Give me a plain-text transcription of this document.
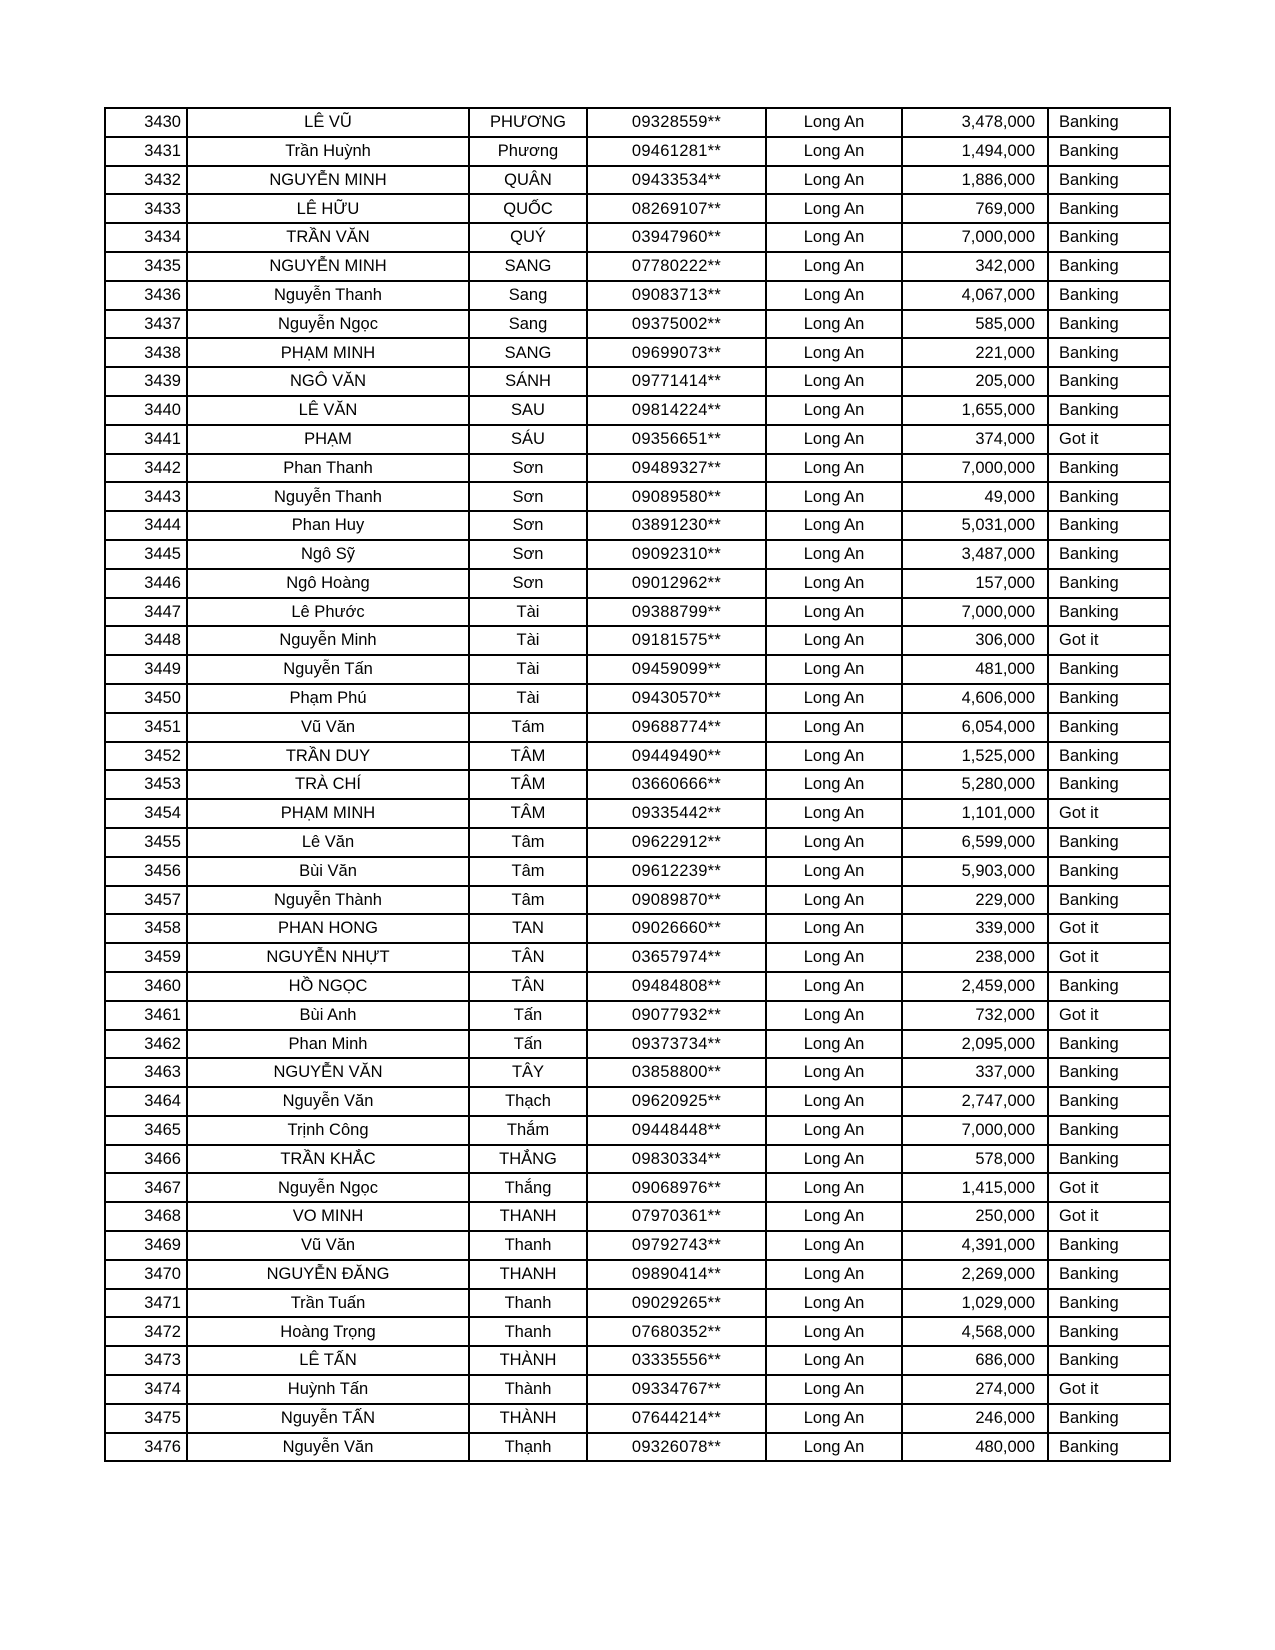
3430	LÊ VŨ	PHƯƠNG	09328559**	Long An	3,478,000	Banking
3431	Trần Huỳnh	Phương	09461281**	Long An	1,494,000	Banking
3432	NGUYỄN MINH	QUÂN	09433534**	Long An	1,886,000	Banking
3433	LÊ HỮU	QUỐC	08269107**	Long An	769,000	Banking
3434	TRẦN VĂN	QUÝ	03947960**	Long An	7,000,000	Banking
3435	NGUYỄN MINH	SANG	07780222**	Long An	342,000	Banking
3436	Nguyễn Thanh	Sang	09083713**	Long An	4,067,000	Banking
3437	Nguyễn Ngọc	Sang	09375002**	Long An	585,000	Banking
3438	PHẠM MINH	SANG	09699073**	Long An	221,000	Banking
3439	NGÔ VĂN	SÁNH	09771414**	Long An	205,000	Banking
3440	LÊ VĂN	SAU	09814224**	Long An	1,655,000	Banking
3441	PHẠM	SÁU	09356651**	Long An	374,000	Got it
3442	Phan Thanh	Sơn	09489327**	Long An	7,000,000	Banking
3443	Nguyễn Thanh	Sơn	09089580**	Long An	49,000	Banking
3444	Phan Huy	Sơn	03891230**	Long An	5,031,000	Banking
3445	Ngô Sỹ	Sơn	09092310**	Long An	3,487,000	Banking
3446	Ngô Hoàng	Sơn	09012962**	Long An	157,000	Banking
3447	Lê Phước	Tài	09388799**	Long An	7,000,000	Banking
3448	Nguyễn Minh	Tài	09181575**	Long An	306,000	Got it
3449	Nguyễn Tấn	Tài	09459099**	Long An	481,000	Banking
3450	Phạm Phú	Tài	09430570**	Long An	4,606,000	Banking
3451	Vũ Văn	Tám	09688774**	Long An	6,054,000	Banking
3452	TRẦN DUY	TÂM	09449490**	Long An	1,525,000	Banking
3453	TRÀ CHÍ	TÂM	03660666**	Long An	5,280,000	Banking
3454	PHẠM MINH	TÂM	09335442**	Long An	1,101,000	Got it
3455	Lê Văn	Tâm	09622912**	Long An	6,599,000	Banking
3456	Bùi Văn	Tâm	09612239**	Long An	5,903,000	Banking
3457	Nguyễn Thành	Tâm	09089870**	Long An	229,000	Banking
3458	PHAN HONG	TAN	09026660**	Long An	339,000	Got it
3459	NGUYỄN NHỰT	TÂN	03657974**	Long An	238,000	Got it
3460	HỒ NGỌC	TÂN	09484808**	Long An	2,459,000	Banking
3461	Bùi Anh	Tấn	09077932**	Long An	732,000	Got it
3462	Phan Minh	Tấn	09373734**	Long An	2,095,000	Banking
3463	NGUYỄN VĂN	TÂY	03858800**	Long An	337,000	Banking
3464	Nguyễn Văn	Thạch	09620925**	Long An	2,747,000	Banking
3465	Trịnh Công	Thắm	09448448**	Long An	7,000,000	Banking
3466	TRẦN KHẮC	THẮNG	09830334**	Long An	578,000	Banking
3467	Nguyễn Ngọc	Thắng	09068976**	Long An	1,415,000	Got it
3468	VO MINH	THANH	07970361**	Long An	250,000	Got it
3469	Vũ Văn	Thanh	09792743**	Long An	4,391,000	Banking
3470	NGUYỄN ĐĂNG	THANH	09890414**	Long An	2,269,000	Banking
3471	Trần Tuấn	Thanh	09029265**	Long An	1,029,000	Banking
3472	Hoàng Trọng	Thanh	07680352**	Long An	4,568,000	Banking
3473	LÊ TẤN	THÀNH	03335556**	Long An	686,000	Banking
3474	Huỳnh Tấn	Thành	09334767**	Long An	274,000	Got it
3475	Nguyễn TẤN	THÀNH	07644214**	Long An	246,000	Banking
3476	Nguyễn Văn	Thạnh	09326078**	Long An	480,000	Banking
